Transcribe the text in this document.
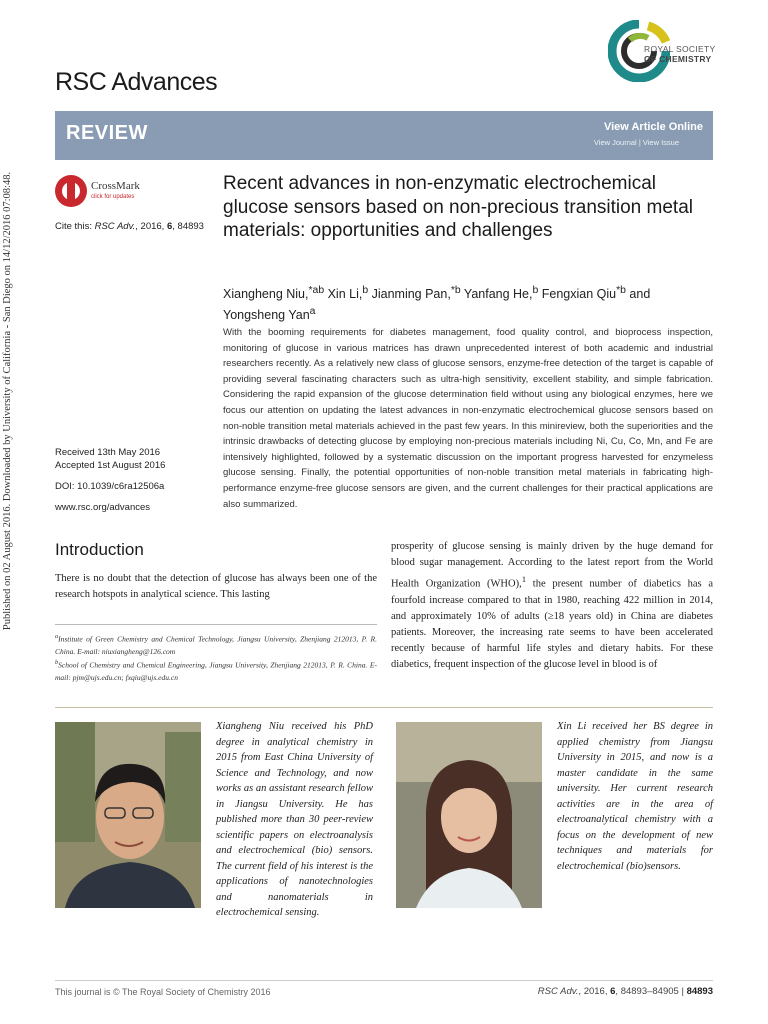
Published on 02 August 2016. Downloaded by University of California - San Diego on 14/12/2016 07:08:48.
RSC Advances
ROYAL SOCIETY
OF CHEMISTRY
REVIEW	View Article Online
View Journal | View Issue
CrossMark
click for updates
Cite this: RSC Adv., 2016, 6, 84893
Received 13th May 2016
Accepted 1st August 2016
DOI: 10.1039/c6ra12506a
www.rsc.org/advances
Recent advances in non-enzymatic electrochemical glucose sensors based on non-precious transition metal materials: opportunities and challenges
Xiangheng Niu,$^{*ab}$ Xin Li,$^b$ Jianming Pan,$^{*b}$ Yanfang He,$^b$ Fengxian Qiu$^{*b}$ and Yongsheng Yan$^a$
With the booming requirements for diabetes management, food quality control, and bioprocess inspection, monitoring of glucose in various matrices has drawn unprecedented interest of both academic and industrial researchers recently. As a relatively new class of glucose sensors, enzyme-free detection of the target is capable of providing several fascinating characters such as ultra-high sensitivity, excellent stability, and simple fabrication. Considering the rapid expansion of the glucose determination field without using any biological enzymes, here we focus our attention on updating the latest advances in non-enzymatic electrochemical glucose sensors based on non-noble transition metal materials achieved in the past few years. In this minireview, both the superiorities and the intrinsic drawbacks of detecting glucose by employing non-precious materials including Ni, Cu, Co, Mn, and Fe are intensively highlighted, followed by a systematic discussion on the important progress harvested for enzymeless glucose sensing. Finally, the potential opportunities of non-noble transition metal materials in fabricating high-performance enzyme-free glucose sensors are given, and the current challenges for their practical applications are also summarized.
Introduction
There is no doubt that the detection of glucose has always been one of the research hotspots in analytical science. This lasting
prosperity of glucose sensing is mainly driven by the huge demand for blood sugar management. According to the latest report from the World Health Organization (WHO),$^1$ the present number of diabetics has a fourfold increase compared to that in 1980, reaching 422 million in 2014, and approximately 10% of adults (≥18 years old) in China are diabetes patients. Moreover, the increasing rate seems to have been accelerated recently because of harmful life styles and dietary habits. For these diabetics, frequent inspection of the glucose level in blood is of
$^a$Institute of Green Chemistry and Chemical Technology, Jiangsu University, Zhenjiang 212013, P. R. China. E-mail: niuxiangheng@126.com
$^b$School of Chemistry and Chemical Engineering, Jiangsu University, Zhenjiang 212013, P. R. China. E-mail: pjm@ujs.edu.cn; fxqiu@ujs.edu.cn
Xiangheng Niu received his PhD degree in analytical chemistry in 2015 from East China University of Science and Technology, and now works as an assistant research fellow in Jiangsu University. He has published more than 30 peer-review scientific papers on electroanalysis and electrochemical (bio) sensors. The current field of his interest is the applications of nanotechnologies and nanomaterials in electrochemical sensing.
Xin Li received her BS degree in applied chemistry from Jiangsu University in 2015, and now is a master candidate in the same university. Her current research activities are in the area of electroanalytical chemistry with a focus on the development of new techniques and materials for electrochemical (bio)sensors.
This journal is © The Royal Society of Chemistry 2016	RSC Adv., 2016, 6, 84893–84905 | 84893
